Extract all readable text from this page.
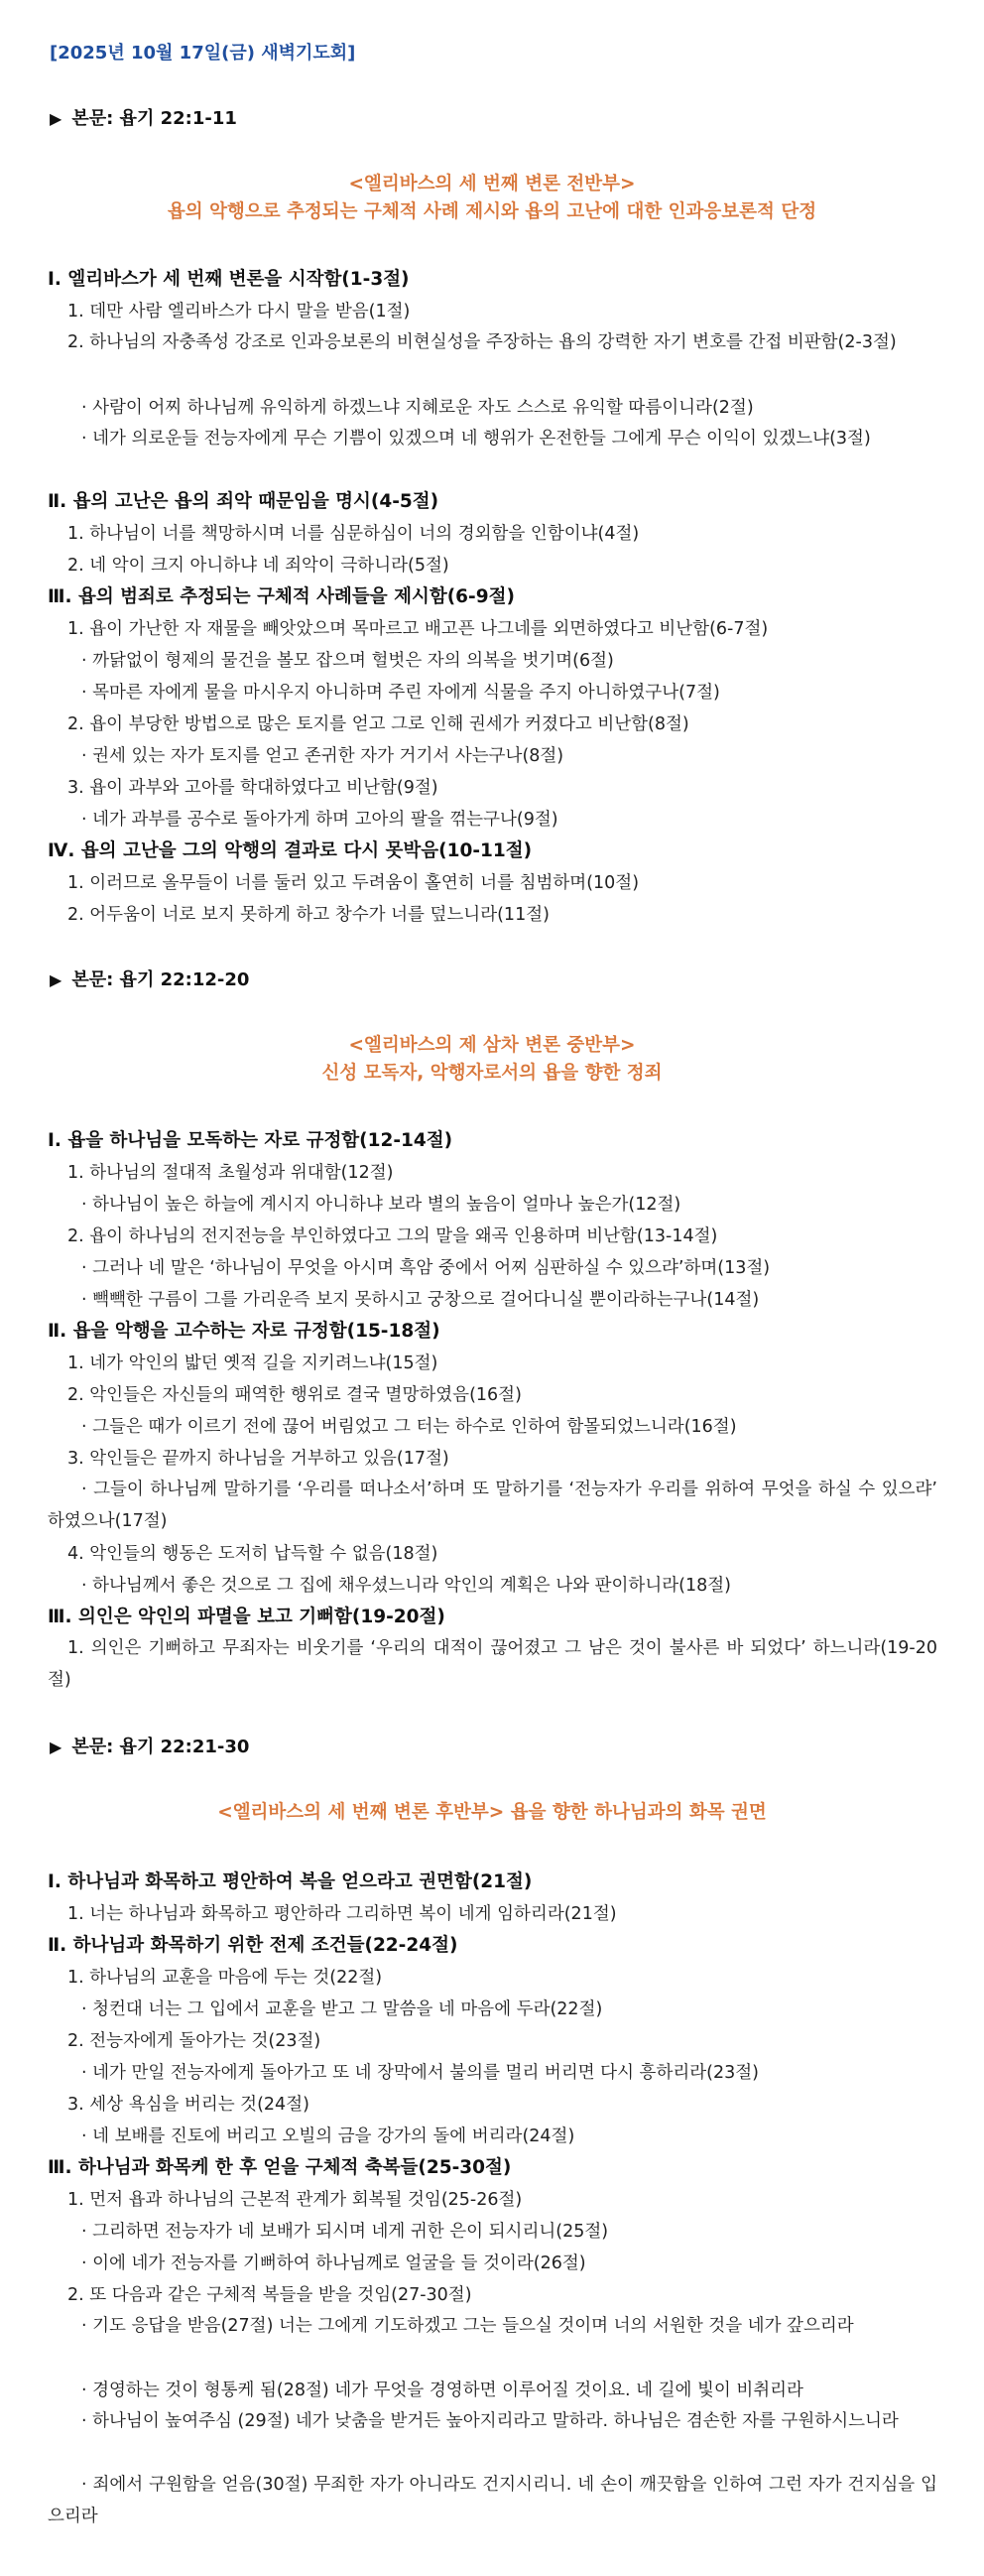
[2025년 10월 17일(금) 새벽기도회]
▶ 본문: 욥기 22:1-11
<엘리바스의 세 번째 변론 전반부>
욥의 악행으로 추정되는 구체적 사례 제시와 욥의 고난에 대한 인과응보론적 단정
Ⅰ. 엘리바스가 세 번째 변론을 시작함(1-3절)
1. 데만 사람 엘리바스가 다시 말을 받음(1절)
2. 하나님의 자충족성 강조로 인과응보론의 비현실성을 주장하는 욥의 강력한 자기 변호를 간접 비판함(2-3절)
· 사람이 어찌 하나님께 유익하게 하겠느냐 지혜로운 자도 스스로 유익할 따름이니라(2절)
· 네가 의로운들 전능자에게 무슨 기쁨이 있겠으며 네 행위가 온전한들 그에게 무슨 이익이 있겠느냐(3절)
Ⅱ. 욥의 고난은 욥의 죄악 때문임을 명시(4-5절)
1. 하나님이 너를 책망하시며 너를 심문하심이 너의 경외함을 인함이냐(4절)
2. 네 악이 크지 아니하냐 네 죄악이 극하니라(5절)
Ⅲ. 욥의 범죄로 추정되는 구체적 사례들을 제시함(6-9절)
1. 욥이 가난한 자 재물을 빼앗았으며 목마르고 배고픈 나그네를 외면하였다고 비난함(6-7절)
· 까닭없이 형제의 물건을 볼모 잡으며 헐벗은 자의 의복을 벗기며(6절)
· 목마른 자에게 물을 마시우지 아니하며 주린 자에게 식물을 주지 아니하였구나(7절)
2. 욥이 부당한 방법으로 많은 토지를 얻고 그로 인해 권세가 커졌다고 비난함(8절)
· 권세 있는 자가 토지를 얻고 존귀한 자가 거기서 사는구나(8절)
3. 욥이 과부와 고아를 학대하였다고 비난함(9절)
· 네가 과부를 공수로 돌아가게 하며 고아의 팔을 꺾는구나(9절)
Ⅳ. 욥의 고난을 그의 악행의 결과로 다시 못박음(10-11절)
1. 이러므로 올무들이 너를 둘러 있고 두려움이 홀연히 너를 침범하며(10절)
2. 어두움이 너로 보지 못하게 하고 창수가 너를 덮느니라(11절)
▶ 본문: 욥기 22:12-20
<엘리바스의 제 삼차 변론 중반부>
신성 모독자, 악행자로서의 욥을 향한 정죄
Ⅰ. 욥을 하나님을 모독하는 자로 규정함(12-14절)
1. 하나님의 절대적 초월성과 위대함(12절)
· 하나님이 높은 하늘에 계시지 아니하냐 보라 별의 높음이 얼마나 높은가(12절)
2. 욥이 하나님의 전지전능을 부인하였다고 그의 말을 왜곡 인용하며 비난함(13-14절)
· 그러나 네 말은 ‘하나님이 무엇을 아시며 흑암 중에서 어찌 심판하실 수 있으랴’하며(13절)
· 빽빽한 구름이 그를 가리운즉 보지 못하시고 궁창으로 걸어다니실 뿐이라하는구나(14절)
Ⅱ. 욥을 악행을 고수하는 자로 규정함(15-18절)
1. 네가 악인의 밟던 옛적 길을 지키려느냐(15절)
2. 악인들은 자신들의 패역한 행위로 결국 멸망하였음(16절)
· 그들은 때가 이르기 전에 끊어 버림었고 그 터는 하수로 인하여 함몰되었느니라(16절)
3. 악인들은 끝까지 하나님을 거부하고 있음(17절)
· 그들이 하나님께 말하기를 ‘우리를 떠나소서’하며 또 말하기를 ‘전능자가 우리를 위하여 무엇을 하실 수 있으랴’ 하였으나(17절)
4. 악인들의 행동은 도저히 납득할 수 없음(18절)
· 하나님께서 좋은 것으로 그 집에 채우셨느니라 악인의 계획은 나와 판이하니라(18절)
Ⅲ. 의인은 악인의 파멸을 보고 기뻐함(19-20절)
1. 의인은 기뻐하고 무죄자는 비웃기를 ‘우리의 대적이 끊어졌고 그 남은 것이 불사른 바 되었다’ 하느니라(19-20절)
▶ 본문: 욥기 22:21-30
<엘리바스의 세 번째 변론 후반부> 욥을 향한 하나님과의 화목 권면
Ⅰ. 하나님과 화목하고 평안하여 복을 얻으라고 권면함(21절)
1. 너는 하나님과 화목하고 평안하라 그리하면 복이 네게 임하리라(21절)
Ⅱ. 하나님과 화목하기 위한 전제 조건들(22-24절)
1. 하나님의 교훈을 마음에 두는 것(22절)
· 청컨대 너는 그 입에서 교훈을 받고 그 말씀을 네 마음에 두라(22절)
2. 전능자에게 돌아가는 것(23절)
· 네가 만일 전능자에게 돌아가고 또 네 장막에서 불의를 멀리 버리면 다시 흥하리라(23절)
3. 세상 욕심을 버리는 것(24절)
· 네 보배를 진토에 버리고 오빌의 금을 강가의 돌에 버리라(24절)
Ⅲ. 하나님과 화목케 한 후 얻을 구체적 축복들(25-30절)
1. 먼저 욥과 하나님의 근본적 관계가 회복될 것임(25-26절)
· 그리하면 전능자가 네 보배가 되시며 네게 귀한 은이 되시리니(25절)
· 이에 네가 전능자를 기뻐하여 하나님께로 얼굴을 들 것이라(26절)
2. 또 다음과 같은 구체적 복들을 받을 것임(27-30절)
· 기도 응답을 받음(27절) 너는 그에게 기도하겠고 그는 들으실 것이며 너의 서원한 것을 네가 갚으리라
· 경영하는 것이 형통케 됨(28절) 네가 무엇을 경영하면 이루어질 것이요. 네 길에 빛이 비취리라
· 하나님이 높여주심 (29절) 네가 낮춤을 받거든 높아지리라고 말하라. 하나님은 겸손한 자를 구원하시느니라
· 죄에서 구원함을 얻음(30절) 무죄한 자가 아니라도 건지시리니. 네 손이 깨끗함을 인하여 그런 자가 건지심을 입으리라
